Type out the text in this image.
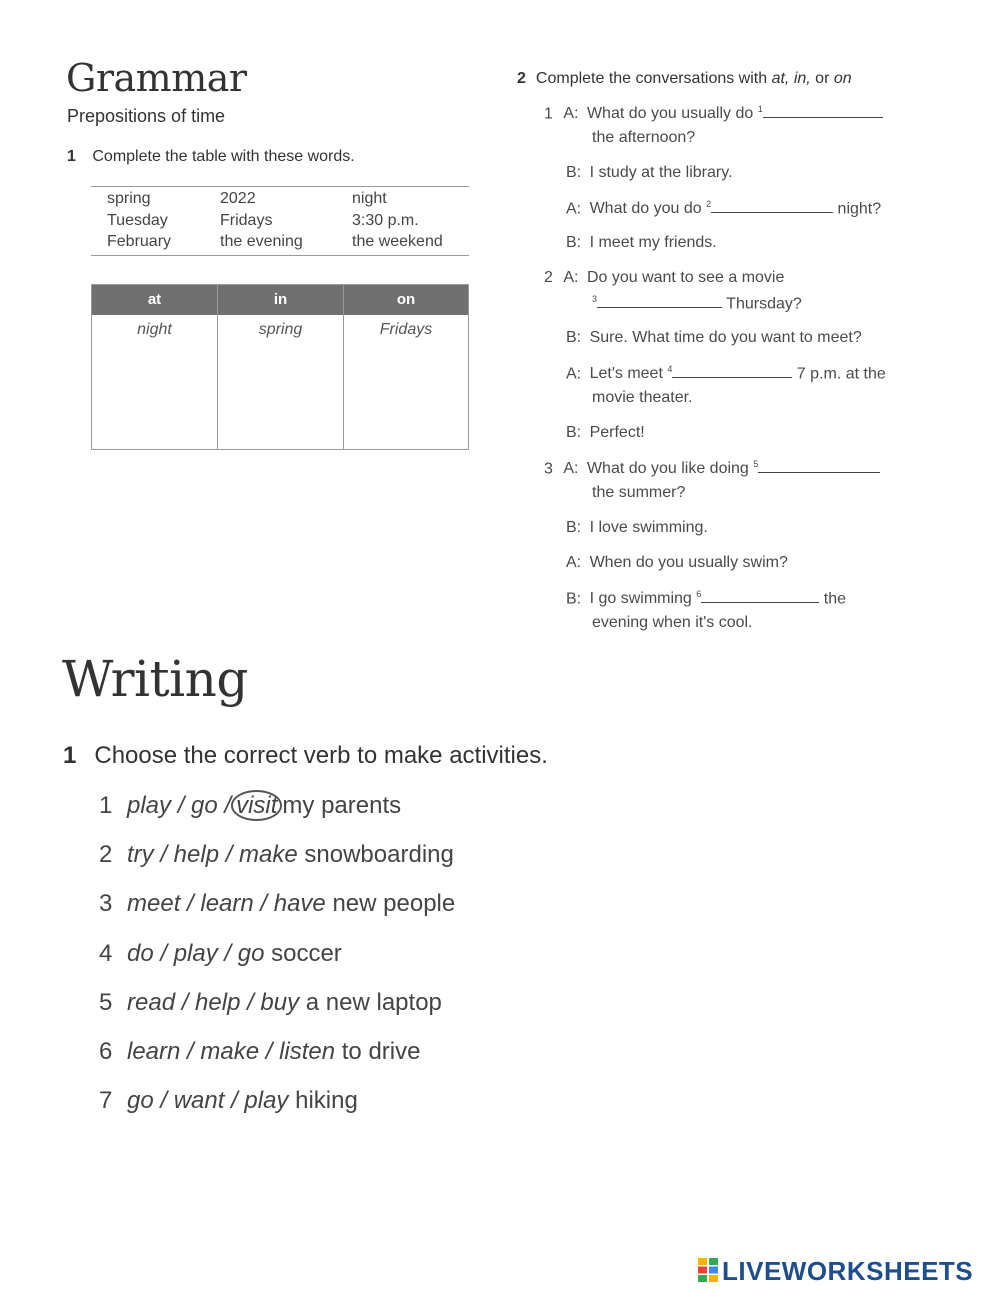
Grammar
Prepositions of time
1 Complete the table with these words.
spring	2022	night
Tuesday	Fridays	3:30 p.m.
February	the evening	the weekend
at	in	on
night	spring	Fridays
2 Complete the conversations with at, in, or on
1 A: What do you usually do $^1$
the afternoon?
B: I study at the library.
A: What do you do $^2$	night?
B: I meet my friends.
2 A: Do you want to see a movie
$^3$	Thursday?
B: Sure. What time do you want to meet?
A: Let's meet $^4$	7 p.m. at the
movie theater.
B: Perfect!
3 A: What do you like doing $^5$
the summer?
B: I love swimming.
A: When do you usually swim?
B: I go swimming $^6$	the
evening when it's cool.
Writing
1 Choose the correct verb to make activities.
1 play / go / visit my parents
2 try / help / make snowboarding
3 meet / learn / have new people
4 do / play / go soccer
5 read / help / buy a new laptop
6 learn / make / listen to drive
7 go / want / play hiking
LIVEWORKSHEETS
